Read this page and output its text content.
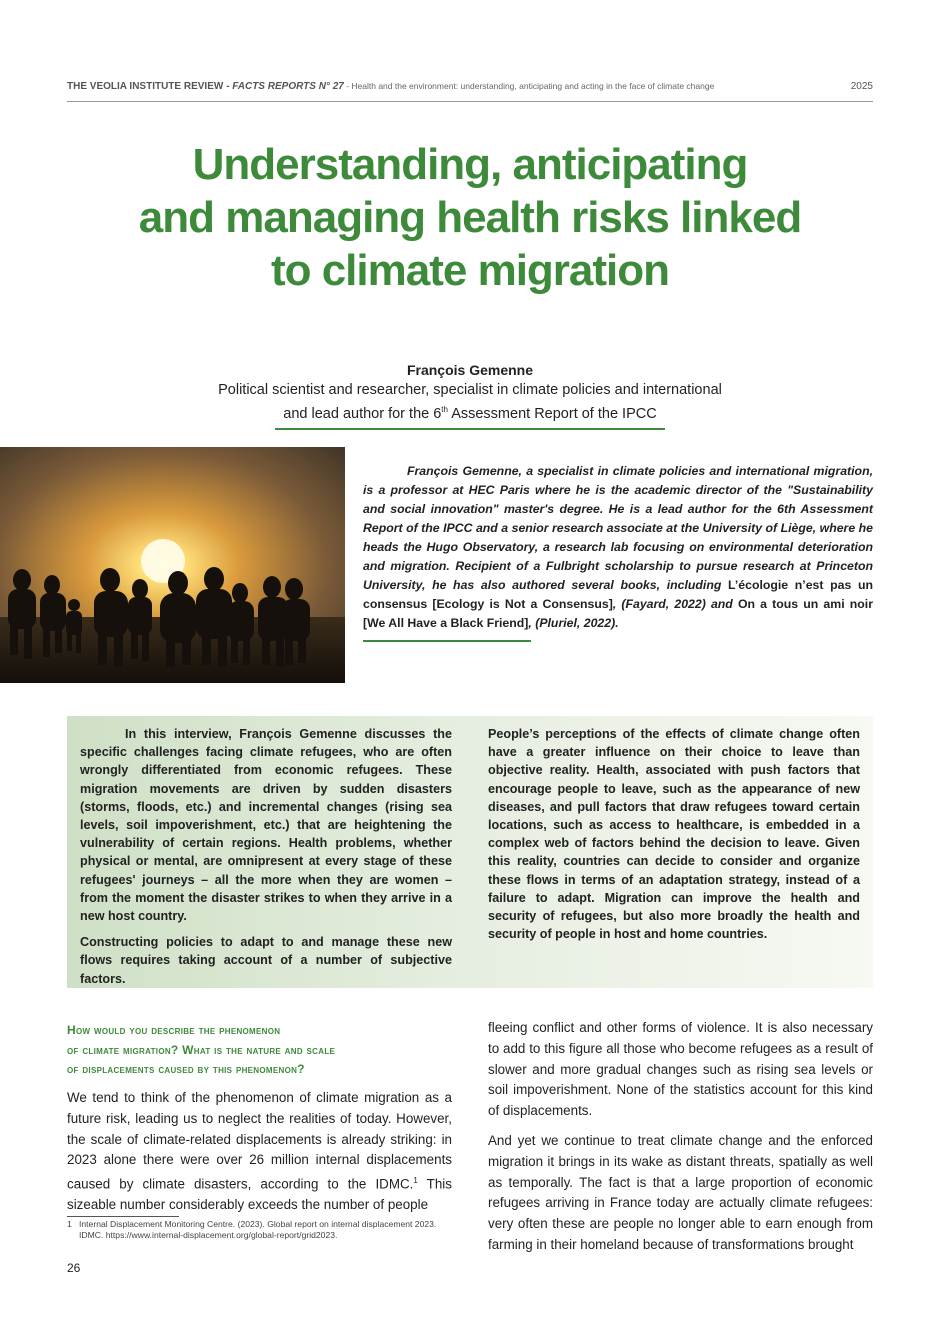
THE VEOLIA INSTITUTE REVIEW - FACTS REPORTS N° 27 - Health and the environment: understanding, anticipating and acting in the face of climate change	2025
Understanding, anticipating
and managing health risks linked
to climate migration
François Gemenne
Political scientist and researcher, specialist in climate policies and international
and lead author for the 6th Assessment Report of the IPCC
François Gemenne, a specialist in climate policies and international migration, is a professor at HEC Paris where he is the academic director of the "Sustainability and social innovation" master's degree. He is a lead author for the 6th Assessment Report of the IPCC and a senior research associate at the University of Liège, where he heads the Hugo Observatory, a research lab focusing on environmental deterioration and migration. Recipient of a Fulbright scholarship to pursue research at Princeton University, he has also authored several books, including L’écologie n’est pas un consensus [Ecology is Not a Consensus], (Fayard, 2022) and On a tous un ami noir [We All Have a Black Friend], (Pluriel, 2022).

In this interview, François Gemenne discusses the specific challenges facing climate refugees, who are often wrongly differentiated from economic refugees. These migration movements are driven by sudden disasters (storms, floods, etc.) and incremental changes (rising sea levels, soil impoverishment, etc.) that are heightening the vulnerability of certain regions. Health problems, whether physical or mental, are omnipresent at every stage of these refugees' journeys – all the more when they are women – from the moment the disaster strikes to when they arrive in a new host country.

Constructing policies to adapt to and manage these new flows requires taking account of a number of subjective factors.

People’s perceptions of the effects of climate change often have a greater influence on their choice to leave than objective reality. Health, associated with push factors that encourage people to leave, such as the appearance of new diseases, and pull factors that draw refugees toward certain locations, such as access to healthcare, is embedded in a complex web of factors behind the decision to leave. Given this reality, countries can decide to consider and organize these flows in terms of an adaptation strategy, instead of a failure to adapt. Migration can improve the health and security of refugees, but also more broadly the health and security of people in host and home countries.

How would you describe the phenomenon
of climate migration? What is the nature and scale
of displacements caused by this phenomenon?

We tend to think of the phenomenon of climate migration as a future risk, leading us to neglect the realities of today. However, the scale of climate-related displacements is already striking: in 2023 alone there were over 26 million internal displacements caused by climate disasters, according to the IDMC.$^1$ This sizeable number considerably exceeds the number of people

fleeing conflict and other forms of violence. It is also necessary to add to this figure all those who become refugees as a result of slower and more gradual changes such as rising sea levels or soil impoverishment. None of the statistics account for this kind of displacements.

And yet we continue to treat climate change and the enforced migration it brings in its wake as distant threats, spatially as well as temporally. The fact is that a large proportion of economic refugees arriving in France today are actually climate refugees: very often these are people no longer able to earn enough from farming in their homeland because of transformations brought

1 Internal Displacement Monitoring Centre. (2023). Global report on internal displacement 2023. IDMC. https://www.internal-displacement.org/global-report/grid2023.
26
